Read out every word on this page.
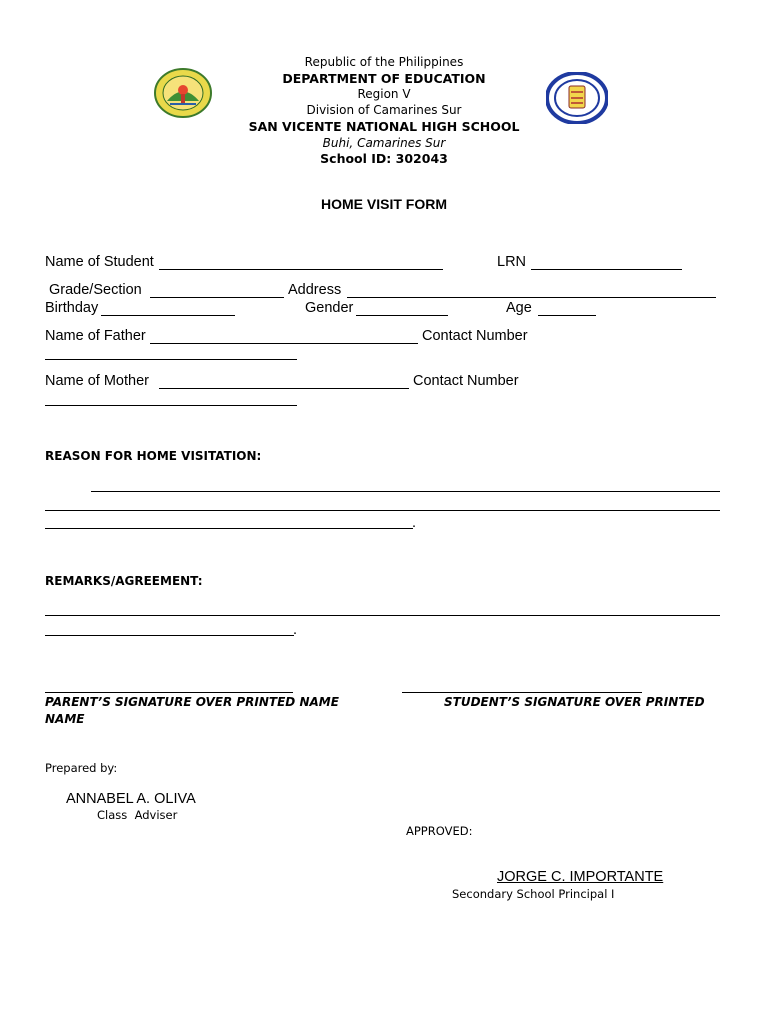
Republic of the Philippines
DEPARTMENT OF EDUCATION
Region V
Division of Camarines Sur
SAN VICENTE NATIONAL HIGH SCHOOL
Buhi, Camarines Sur
School ID: 302043
HOME VISIT FORM
Name of Student	LRN
Grade/Section	Address
Birthday	Gender	Age
Name of Father	Contact Number
Name of Mother	Contact Number
REASON FOR HOME VISITATION:
.
REMARKS/AGREEMENT:
.
PARENT’S SIGNATURE OVER PRINTED NAME
NAME
STUDENT’S SIGNATURE OVER PRINTED
Prepared by:
ANNABEL A. OLIVA
Class  Adviser
APPROVED:
JORGE C. IMPORTANTE
Secondary School Principal I
